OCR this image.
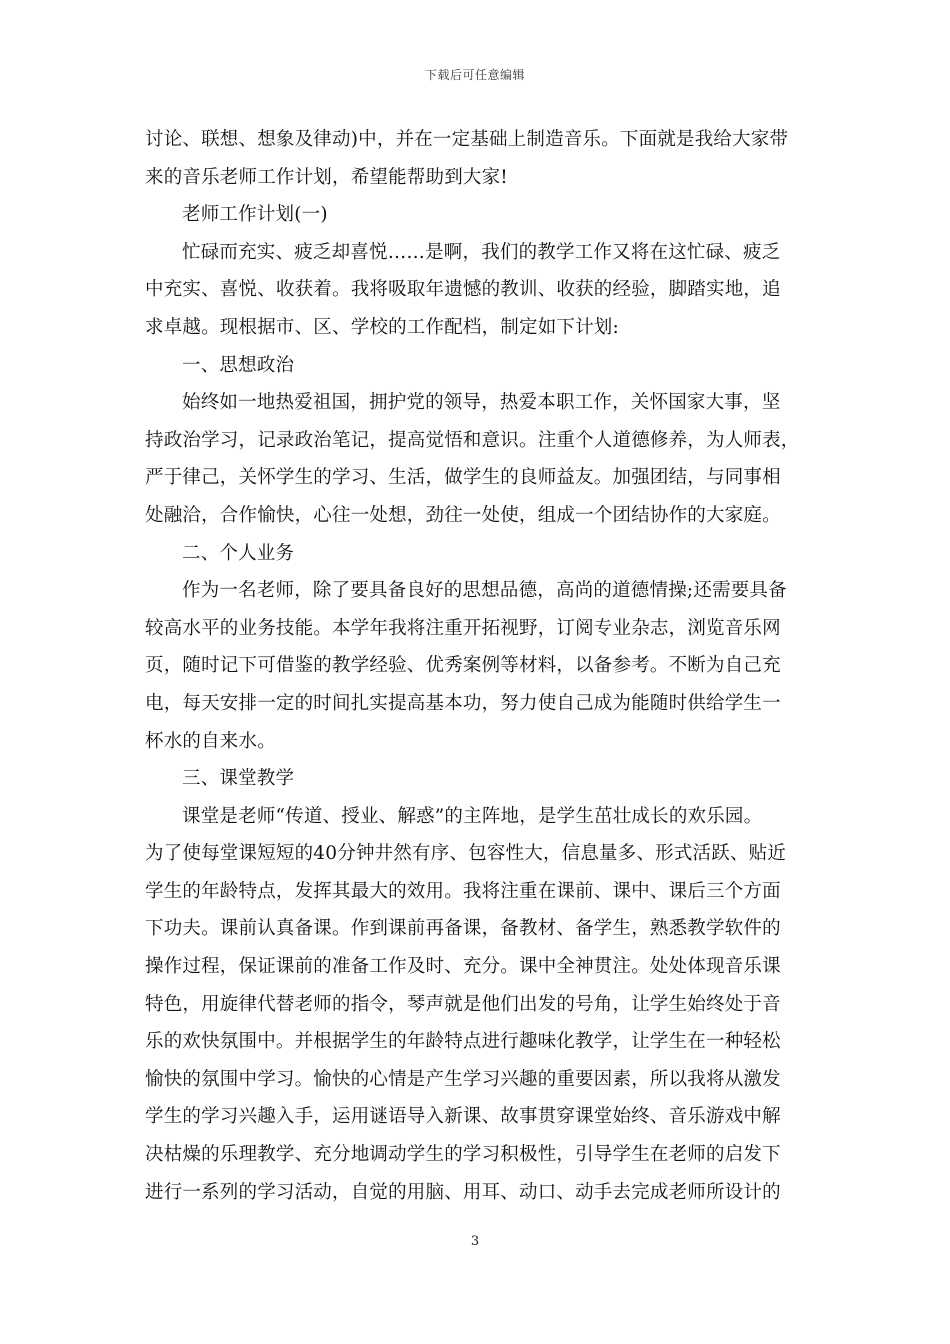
下载后可任意编辑
讨论、联想、想象及律动)中，并在一定基础上制造音乐。下面就是我给大家带
来的音乐老师工作计划，希望能帮助到大家!
老师工作计划(一)
忙碌而充实、疲乏却喜悦……是啊，我们的教学工作又将在这忙碌、疲乏
中充实、喜悦、收获着。我将吸取年遗憾的教训、收获的经验，脚踏实地，追
求卓越。现根据市、区、学校的工作配档，制定如下计划:
一、思想政治
始终如一地热爱祖国，拥护党的领导，热爱本职工作，关怀国家大事，坚
持政治学习，记录政治笔记，提高觉悟和意识。注重个人道德修养，为人师表，
严于律己，关怀学生的学习、生活，做学生的良师益友。加强团结，与同事相
处融洽，合作愉快，心往一处想，劲往一处使，组成一个团结协作的大家庭。
二、个人业务
作为一名老师，除了要具备良好的思想品德，高尚的道德情操;还需要具备
较高水平的业务技能。本学年我将注重开拓视野，订阅专业杂志，浏览音乐网
页，随时记下可借鉴的教学经验、优秀案例等材料，以备参考。不断为自己充
电，每天安排一定的时间扎实提高基本功，努力使自己成为能随时供给学生一
杯水的自来水。
三、课堂教学
课堂是老师“传道、授业、解惑”的主阵地，是学生茁壮成长的欢乐园。
为了使每堂课短短的40分钟井然有序、包容性大，信息量多、形式活跃、贴近
学生的年龄特点，发挥其最大的效用。我将注重在课前、课中、课后三个方面
下功夫。课前认真备课。作到课前再备课，备教材、备学生，熟悉教学软件的
操作过程，保证课前的准备工作及时、充分。课中全神贯注。处处体现音乐课
特色，用旋律代替老师的指令，琴声就是他们出发的号角，让学生始终处于音
乐的欢快氛围中。并根据学生的年龄特点进行趣味化教学，让学生在一种轻松
愉快的氛围中学习。愉快的心情是产生学习兴趣的重要因素，所以我将从激发
学生的学习兴趣入手，运用谜语导入新课、故事贯穿课堂始终、音乐游戏中解
决枯燥的乐理教学、充分地调动学生的学习积极性，引导学生在老师的启发下
进行一系列的学习活动，自觉的用脑、用耳、动口、动手去完成老师所设计的
3
